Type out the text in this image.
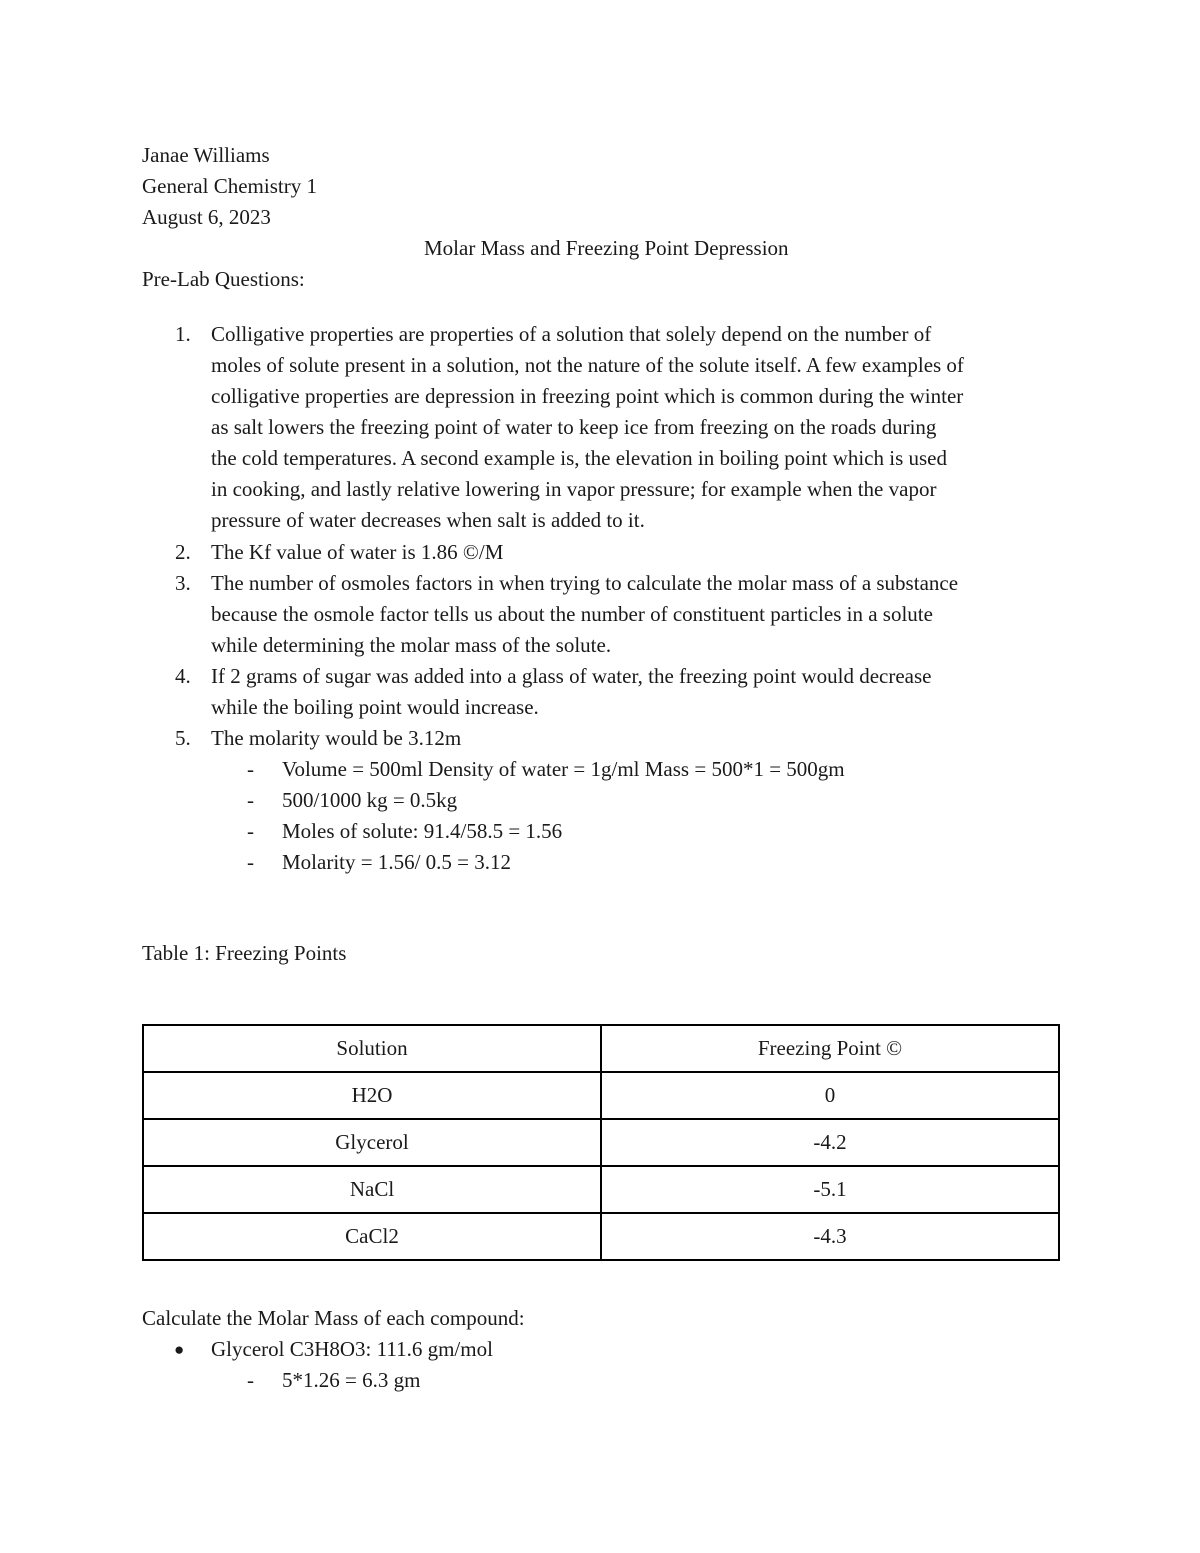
Janae Williams
General Chemistry 1
August 6, 2023
Molar Mass and Freezing Point Depression
Pre-Lab Questions:
1. Colligative properties are properties of a solution that solely depend on the number of
moles of solute present in a solution, not the nature of the solute itself. A few examples of
colligative properties are depression in freezing point which is common during the winter
as salt lowers the freezing point of water to keep ice from freezing on the roads during
the cold temperatures. A second example is, the elevation in boiling point which is used
in cooking, and lastly relative lowering in vapor pressure; for example when the vapor
pressure of water decreases when salt is added to it.
2. The Kf value of water is 1.86 ©/M
3. The number of osmoles factors in when trying to calculate the molar mass of a substance
because the osmole factor tells us about the number of constituent particles in a solute
while determining the molar mass of the solute.
4. If 2 grams of sugar was added into a glass of water, the freezing point would decrease
while the boiling point would increase.
5. The molarity would be 3.12m
- Volume = 500ml Density of water = 1g/ml Mass = 500*1 = 500gm
- 500/1000 kg = 0.5kg
- Moles of solute: 91.4/58.5 = 1.56
- Molarity = 1.56/ 0.5 = 3.12
Table 1: Freezing Points
Solution	Freezing Point ©
H2O	0
Glycerol	-4.2
NaCl	-5.1
CaCl2	-4.3
Calculate the Molar Mass of each compound:
● Glycerol C3H8O3: 111.6 gm/mol
- 5*1.26 = 6.3 gm
